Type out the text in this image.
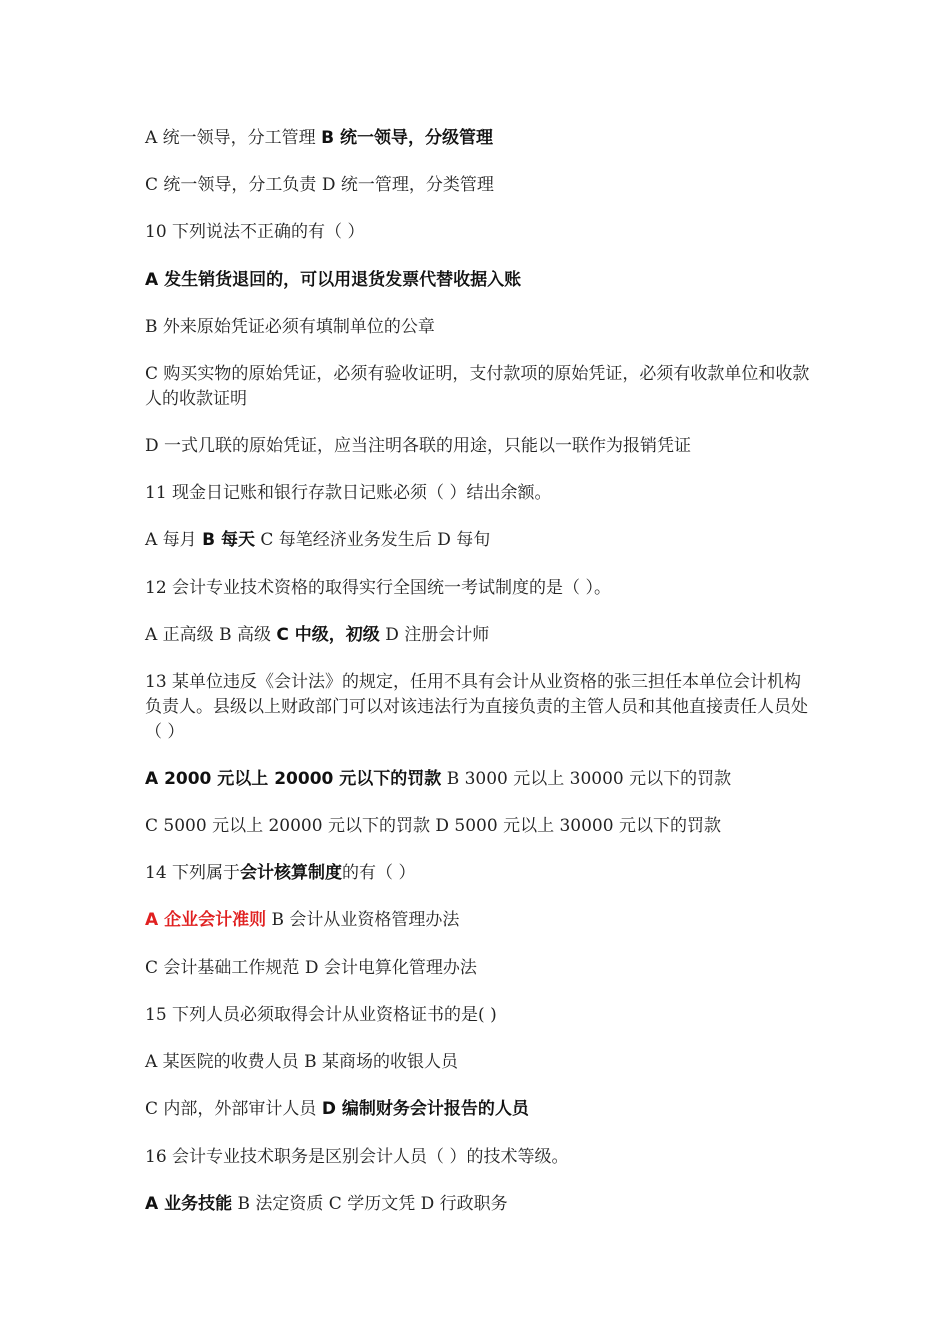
A 统一领导，分工管理 B 统一领导，分级管理
C 统一领导，分工负责 D 统一管理，分类管理
10 下列说法不正确的有（ ）
A 发生销货退回的，可以用退货发票代替收据入账
B 外来原始凭证必须有填制单位的公章
C 购买实物的原始凭证，必须有验收证明，支付款项的原始凭证，必须有收款单位和收款人的收款证明
D 一式几联的原始凭证，应当注明各联的用途，只能以一联作为报销凭证
11 现金日记账和银行存款日记账必须（ ）结出余额。
A 每月 B 每天 C 每笔经济业务发生后 D 每旬
12 会计专业技术资格的取得实行全国统一考试制度的是（ ）。
A 正高级 B 高级 C 中级，初级 D 注册会计师
13 某单位违反《会计法》的规定，任用不具有会计从业资格的张三担任本单位会计机构负责人。县级以上财政部门可以对该违法行为直接负责的主管人员和其他直接责任人员处（ ）
A 2000 元以上 20000 元以下的罚款 B 3000 元以上 30000 元以下的罚款
C 5000 元以上 20000 元以下的罚款 D 5000 元以上 30000 元以下的罚款
14 下列属于会计核算制度的有（ ）
A 企业会计准则 B 会计从业资格管理办法
C 会计基础工作规范 D 会计电算化管理办法
15 下列人员必须取得会计从业资格证书的是( )
A 某医院的收费人员 B 某商场的收银人员
C 内部，外部审计人员 D 编制财务会计报告的人员
16 会计专业技术职务是区别会计人员（ ）的技术等级。
A 业务技能 B 法定资质 C 学历文凭 D 行政职务
